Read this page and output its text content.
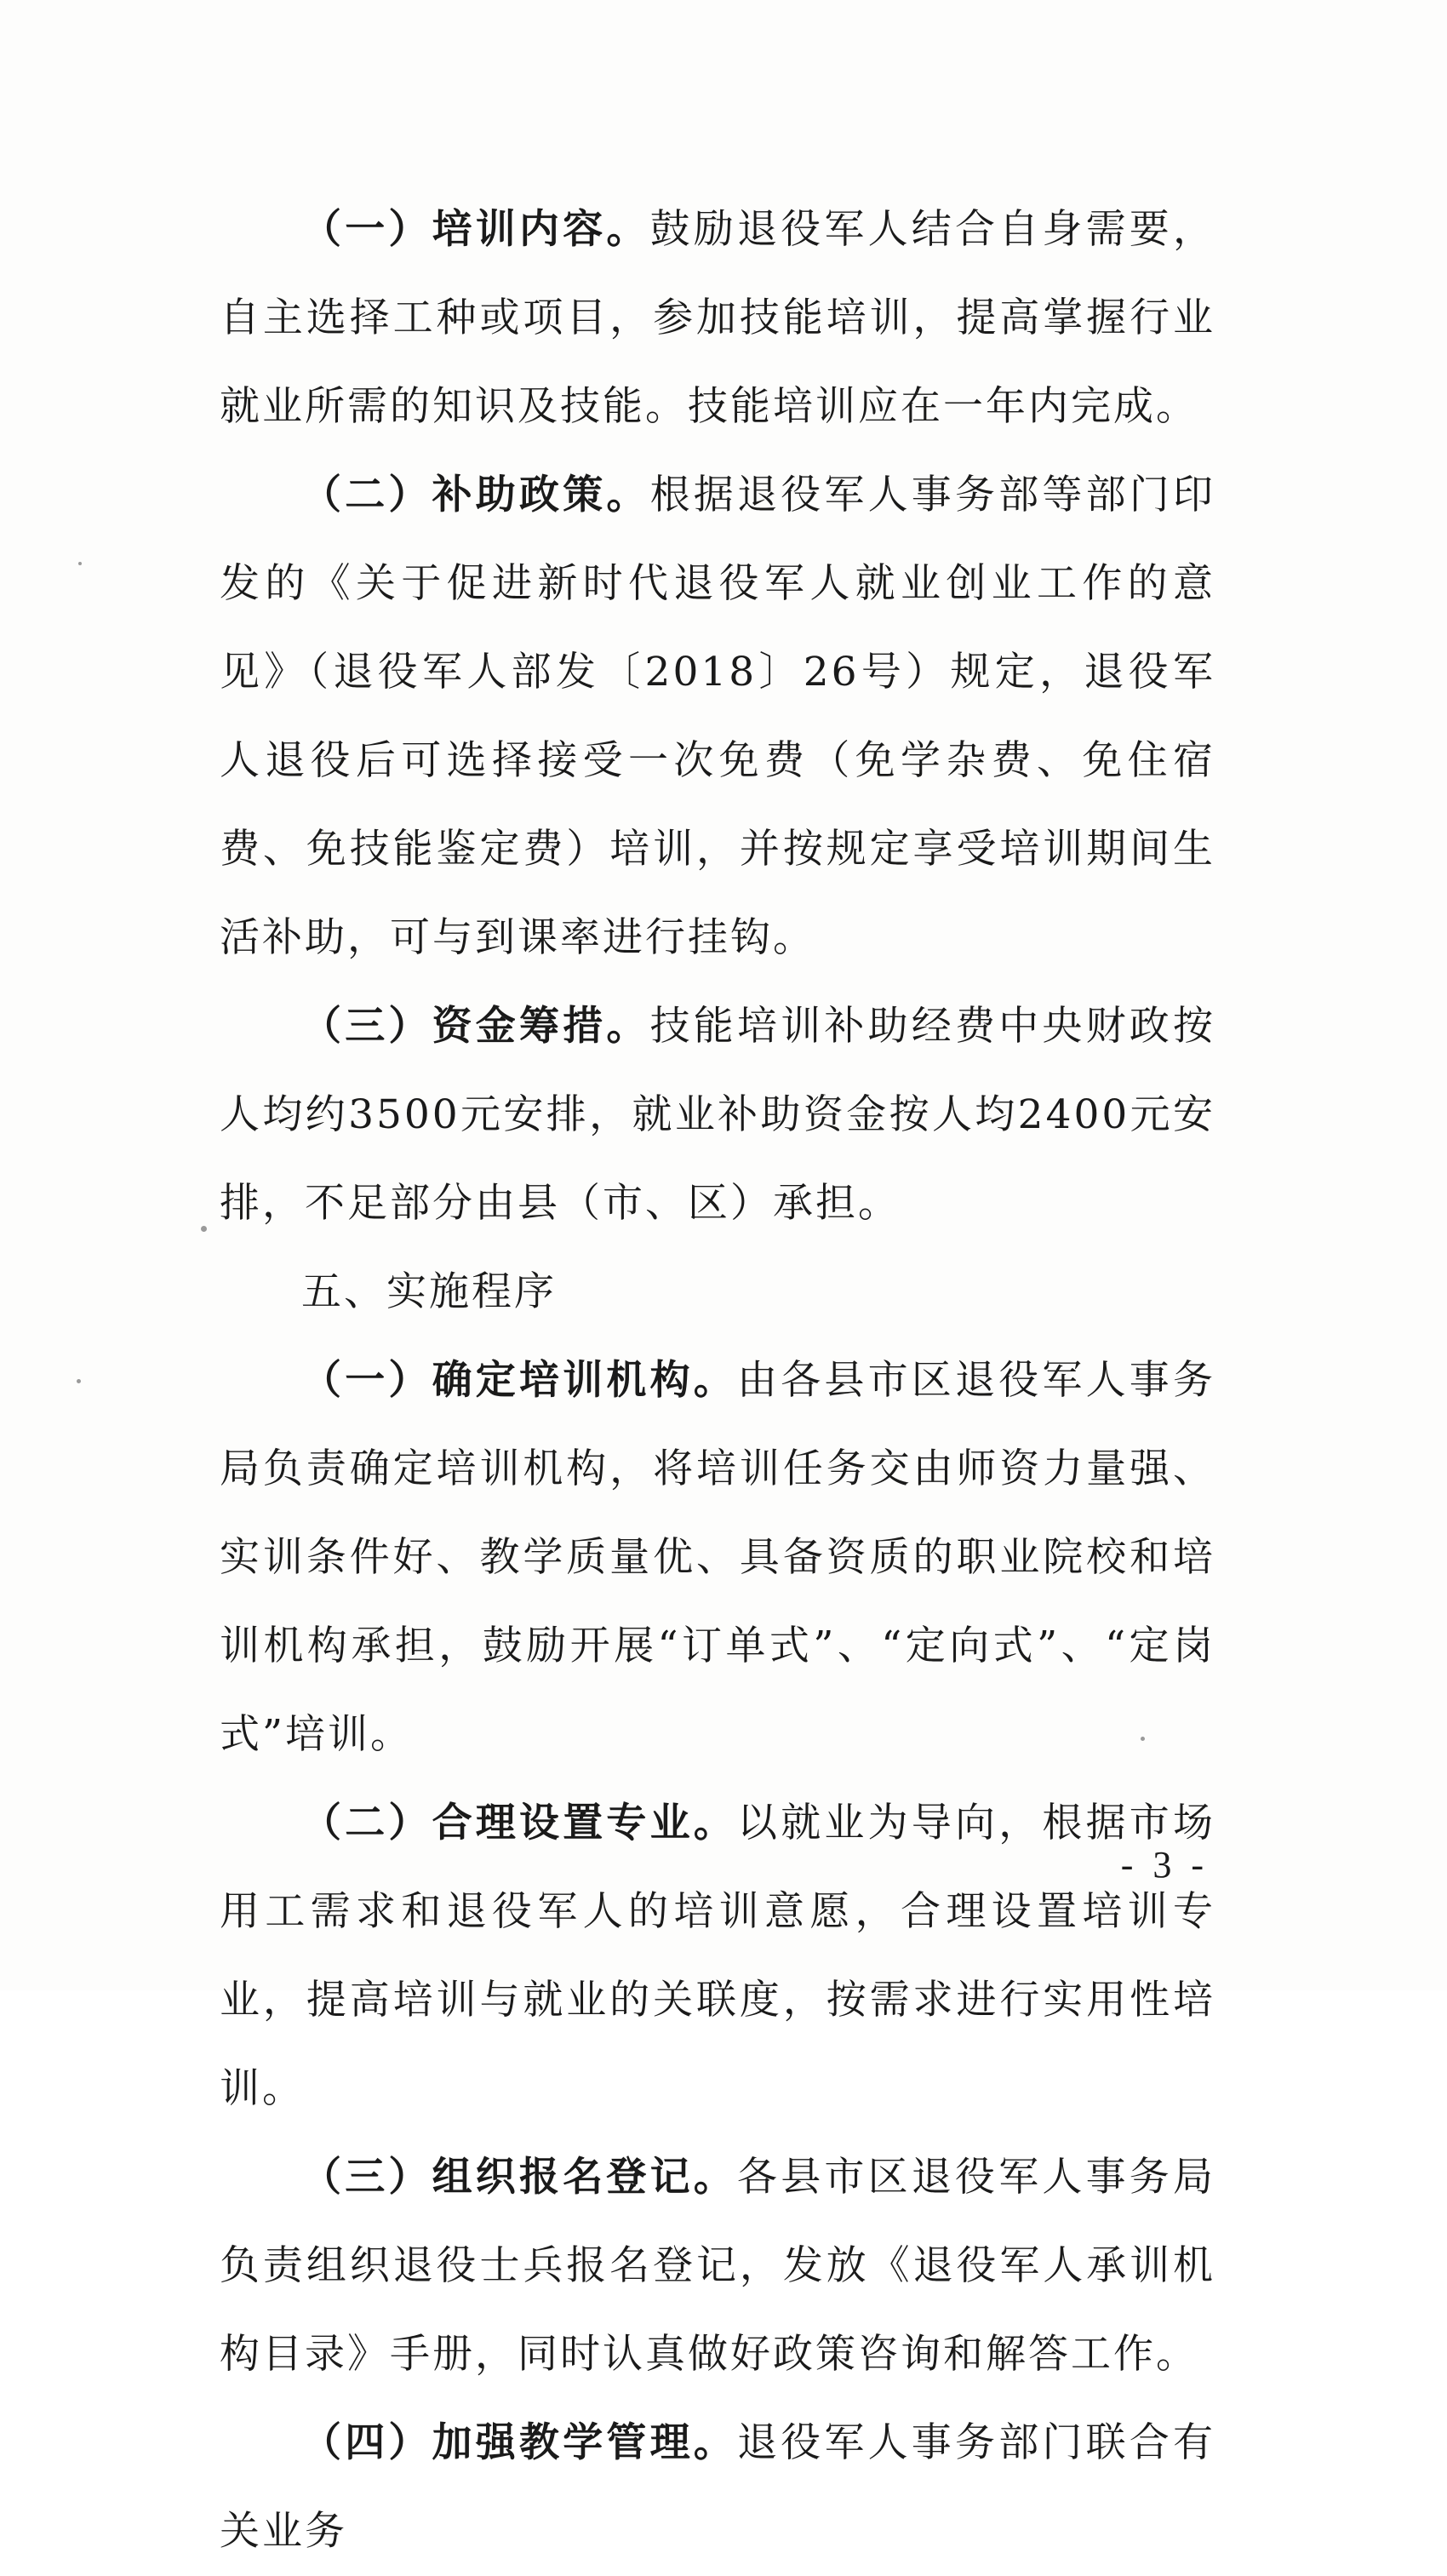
（一）培训内容。鼓励退役军人结合自身需要，自主选择工种或项目，参加技能培训，提高掌握行业就业所需的知识及技能。技能培训应在一年内完成。

（二）补助政策。根据退役军人事务部等部门印发的《关于促进新时代退役军人就业创业工作的意见》（退役军人部发〔2018〕26号）规定，退役军人退役后可选择接受一次免费（免学杂费、免住宿费、免技能鉴定费）培训，并按规定享受培训期间生活补助，可与到课率进行挂钩。

（三）资金筹措。技能培训补助经费中央财政按人均约3500元安排，就业补助资金按人均2400元安排，不足部分由县（市、区）承担。

五、实施程序

（一）确定培训机构。由各县市区退役军人事务局负责确定培训机构，将培训任务交由师资力量强、实训条件好、教学质量优、具备资质的职业院校和培训机构承担，鼓励开展“订单式”、“定向式”、“定岗式”培训。

（二）合理设置专业。以就业为导向，根据市场用工需求和退役军人的培训意愿，合理设置培训专业，提高培训与就业的关联度，按需求进行实用性培训。

（三）组织报名登记。各县市区退役军人事务局负责组织退役士兵报名登记，发放《退役军人承训机构目录》手册，同时认真做好政策咨询和解答工作。

（四）加强教学管理。退役军人事务部门联合有关业务

- 3 -
